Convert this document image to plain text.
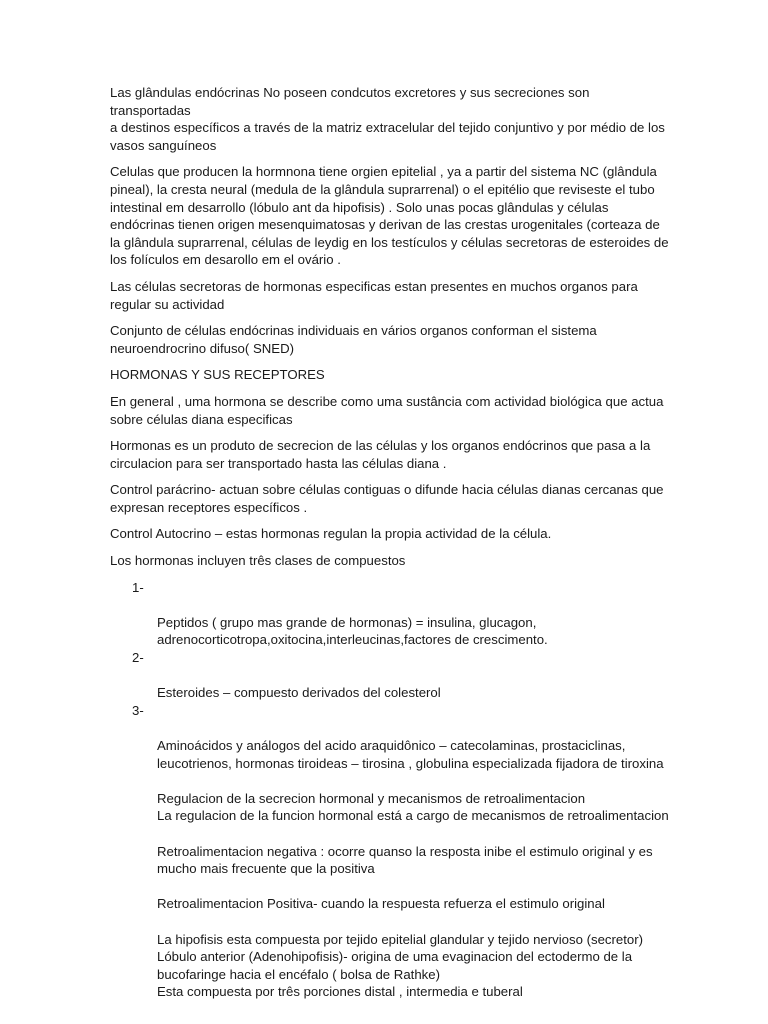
Las glândulas endócrinas No poseen condcutos excretores y sus secreciones son transportadas
a destinos específicos a través de la matriz extracelular del tejido conjuntivo y por médio de los
vasos sanguíneos

Celulas que producen la hormnona tiene orgien epitelial , ya a partir del sistema NC (glândula
pineal), la cresta neural (medula de la glândula suprarrenal) o el epitélio que reviseste el tubo
intestinal em desarrollo (lóbulo ant da hipofisis) . Solo unas pocas glândulas y células
endócrinas tienen origen mesenquimatosas y derivan de las crestas urogenitales (corteaza de
la glândula suprarrenal, células de leydig en los testículos y células secretoras de esteroides de
los folículos em desarollo em el ovário .

Las células secretoras de hormonas especificas estan presentes en muchos organos para
regular su actividad

Conjunto de células endócrinas individuais en vários organos conforman el sistema
neuroendrocrino difuso( SNED)

HORMONAS Y SUS RECEPTORES

En general , uma hormona se describe como uma sustância com actividad biológica que actua
sobre células diana especificas

Hormonas es un produto de secrecion de las células y los organos endócrinos que pasa a la
circulacion para ser transportado hasta las células diana .

Control parácrino- actuan sobre células contiguas o difunde hacia células dianas cercanas que
expresan receptores específicos .

Control Autocrino – estas hormonas regulan la propia actividad de la célula.

Los hormonas incluyen três clases de compuestos

1-

Peptidos ( grupo mas grande de hormonas) = insulina, glucagon,
adrenocorticotropa,oxitocina,interleucinas,factores de crescimento.

2-

Esteroides – compuesto derivados del colesterol

3-

Aminoácidos y análogos del acido araquidônico – catecolaminas, prostaciclinas,
leucotrienos, hormonas tiroideas – tirosina , globulina especializada fijadora de tiroxina

Regulacion de la secrecion hormonal y mecanismos de retroalimentacion
La regulacion de la funcion hormonal está a cargo de mecanismos de retroalimentacion
Retroalimentacion negativa : ocorre quanso la resposta inibe el estimulo original y es
mucho mais frecuente que la positiva
Retroalimentacion Positiva- cuando la respuesta refuerza el estimulo original
La hipofisis esta compuesta por tejido epitelial glandular y tejido nervioso (secretor)
Lóbulo anterior (Adenohipofisis)- origina de uma evaginacion del ectodermo de la
bucofaringe hacia el encéfalo ( bolsa de Rathke)
Esta compuesta por três porciones distal , intermedia e tuberal
